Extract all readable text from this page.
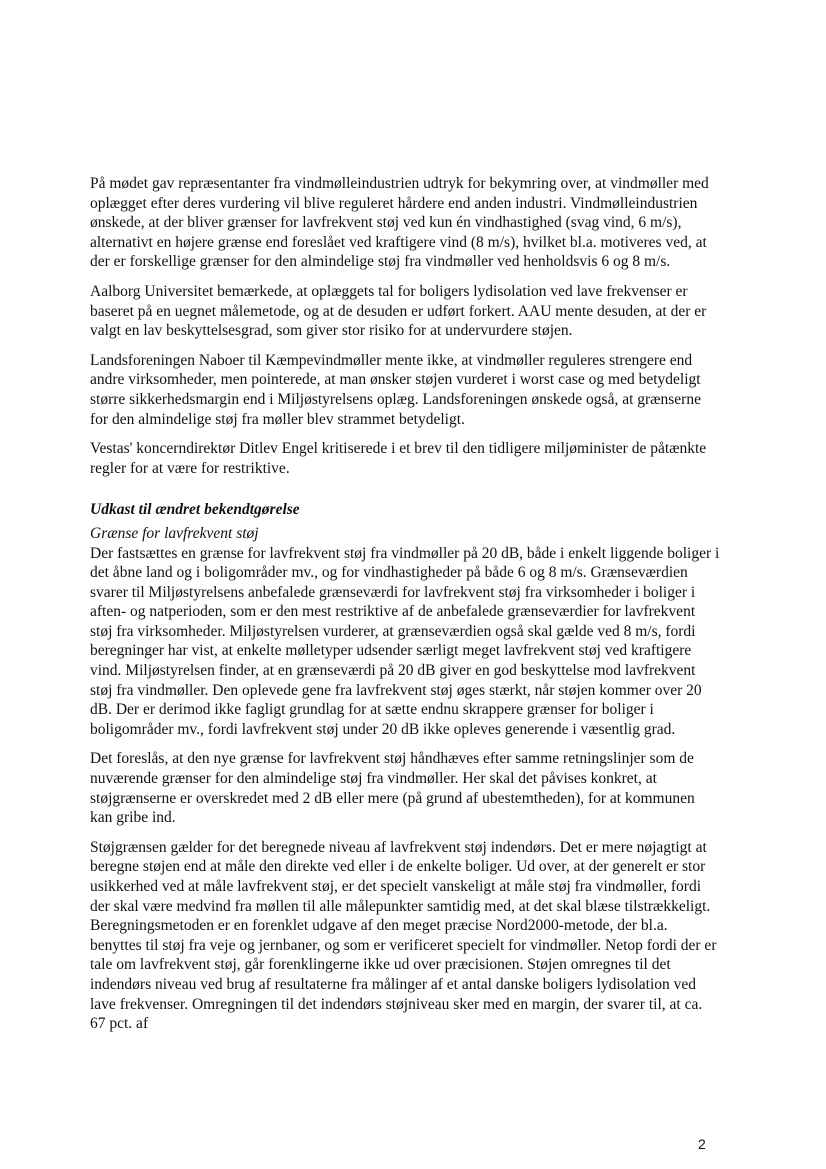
På mødet gav repræsentanter fra vindmølleindustrien udtryk for bekymring over, at vindmøller med oplægget efter deres vurdering vil blive reguleret hårdere end anden industri. Vindmølleindustrien ønskede, at der bliver grænser for lavfrekvent støj ved kun én vindhastighed (svag vind, 6 m/s), alternativt en højere grænse end foreslået ved kraftigere vind (8 m/s), hvilket bl.a. motiveres ved, at der er forskellige grænser for den almindelige støj fra vindmøller ved henholdsvis 6 og 8 m/s.

Aalborg Universitet bemærkede, at oplæggets tal for boligers lydisolation ved lave frekvenser er baseret på en uegnet målemetode, og at de desuden er udført forkert. AAU mente desuden, at der er valgt en lav beskyttelsesgrad, som giver stor risiko for at undervurdere støjen.

Landsforeningen Naboer til Kæmpevindmøller mente ikke, at vindmøller reguleres strengere end andre virksomheder, men pointerede, at man ønsker støjen vurderet i worst case og med betydeligt større sikkerhedsmargin end i Miljøstyrelsens oplæg. Landsforeningen ønskede også, at grænserne for den almindelige støj fra møller blev strammet betydeligt.

Vestas' koncerndirektør Ditlev Engel kritiserede i et brev til den tidligere miljøminister de påtænkte regler for at være for restriktive.

Udkast til ændret bekendtgørelse
Grænse for lavfrekvent støj

Der fastsættes en grænse for lavfrekvent støj fra vindmøller på 20 dB, både i enkelt liggende boliger i det åbne land og i boligområder mv., og for vindhastigheder på både 6 og 8 m/s. Grænseværdien svarer til Miljøstyrelsens anbefalede grænseværdi for lavfrekvent støj fra virksomheder i boliger i aften- og natperioden, som er den mest restriktive af de anbefalede grænseværdier for lavfrekvent støj fra virksomheder. Miljøstyrelsen vurderer, at grænseværdien også skal gælde ved 8 m/s, fordi beregninger har vist, at enkelte mølletyper udsender særligt meget lavfrekvent støj ved kraftigere vind. Miljøstyrelsen finder, at en grænseværdi på 20 dB giver en god beskyttelse mod lavfrekvent støj fra vindmøller. Den oplevede gene fra lavfrekvent støj øges stærkt, når støjen kommer over 20 dB. Der er derimod ikke fagligt grundlag for at sætte endnu skrappere grænser for boliger i boligområder mv., fordi lavfrekvent støj under 20 dB ikke opleves generende i væsentlig grad.

Det foreslås, at den nye grænse for lavfrekvent støj håndhæves efter samme retningslinjer som de nuværende grænser for den almindelige støj fra vindmøller. Her skal det påvises konkret, at støjgrænserne er overskredet med 2 dB eller mere (på grund af ubestemtheden), for at kommunen kan gribe ind.

Støjgrænsen gælder for det beregnede niveau af lavfrekvent støj indendørs. Det er mere nøjagtigt at beregne støjen end at måle den direkte ved eller i de enkelte boliger. Ud over, at der generelt er stor usikkerhed ved at måle lavfrekvent støj, er det specielt vanskeligt at måle støj fra vindmøller, fordi der skal være medvind fra møllen til alle målepunkter samtidig med, at det skal blæse tilstrækkeligt. Beregningsmetoden er en forenklet udgave af den meget præcise Nord2000-metode, der bl.a. benyttes til støj fra veje og jernbaner, og som er verificeret specielt for vindmøller. Netop fordi der er tale om lavfrekvent støj, går forenklingerne ikke ud over præcisionen. Støjen omregnes til det indendørs niveau ved brug af resultaterne fra målinger af et antal danske boligers lydisolation ved lave frekvenser. Omregningen til det indendørs støjniveau sker med en margin, der svarer til, at ca. 67 pct. af

2
